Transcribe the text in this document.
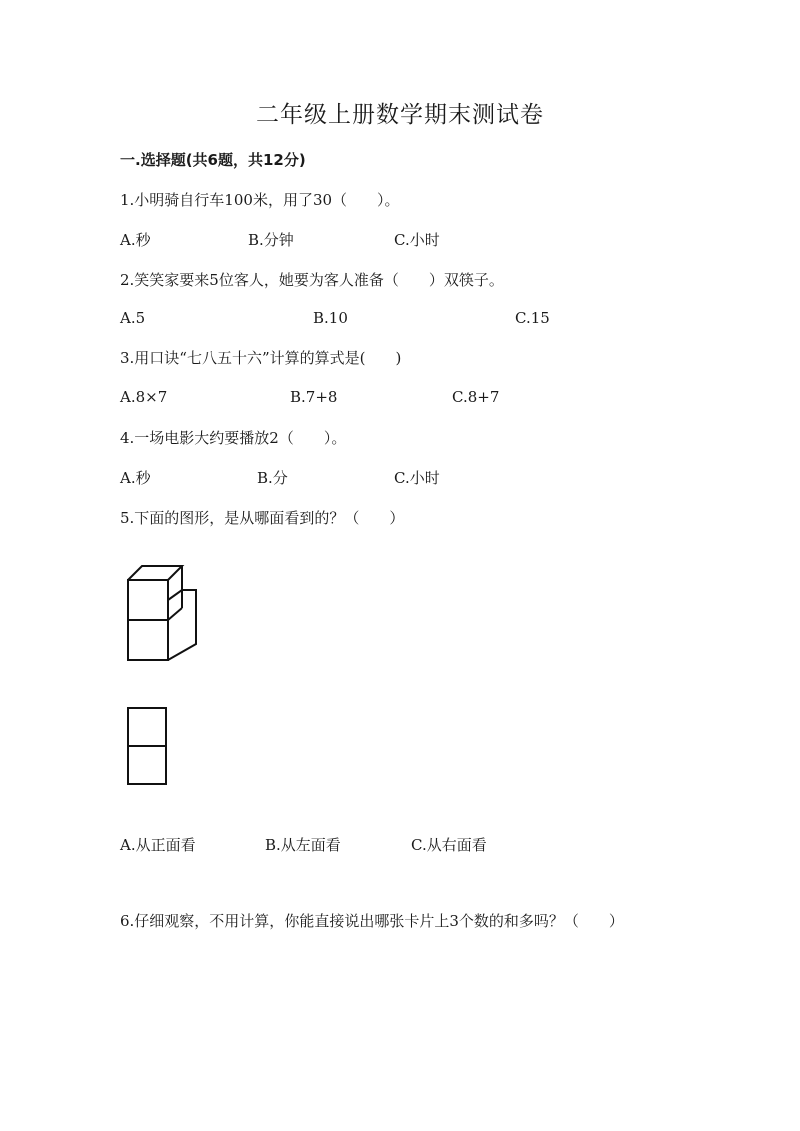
二年级上册数学期末测试卷
一.选择题(共6题，共12分)
1.小明骑自行车100米，用了30（　　）。
A.秒	B.分钟	C.小时
2.笑笑家要来5位客人，她要为客人准备（　　）双筷子。
A.5	B.10	C.15
3.用口诀“七八五十六”计算的算式是(　　)
A.8×7	B.7+8	C.8+7
4.一场电影大约要播放2（　　）。
A.秒	B.分	C.小时
5.下面的图形，是从哪面看到的？（　　）
A.从正面看	B.从左面看	C.从右面看
6.仔细观察，不用计算，你能直接说出哪张卡片上3个数的和多吗？（　　）
